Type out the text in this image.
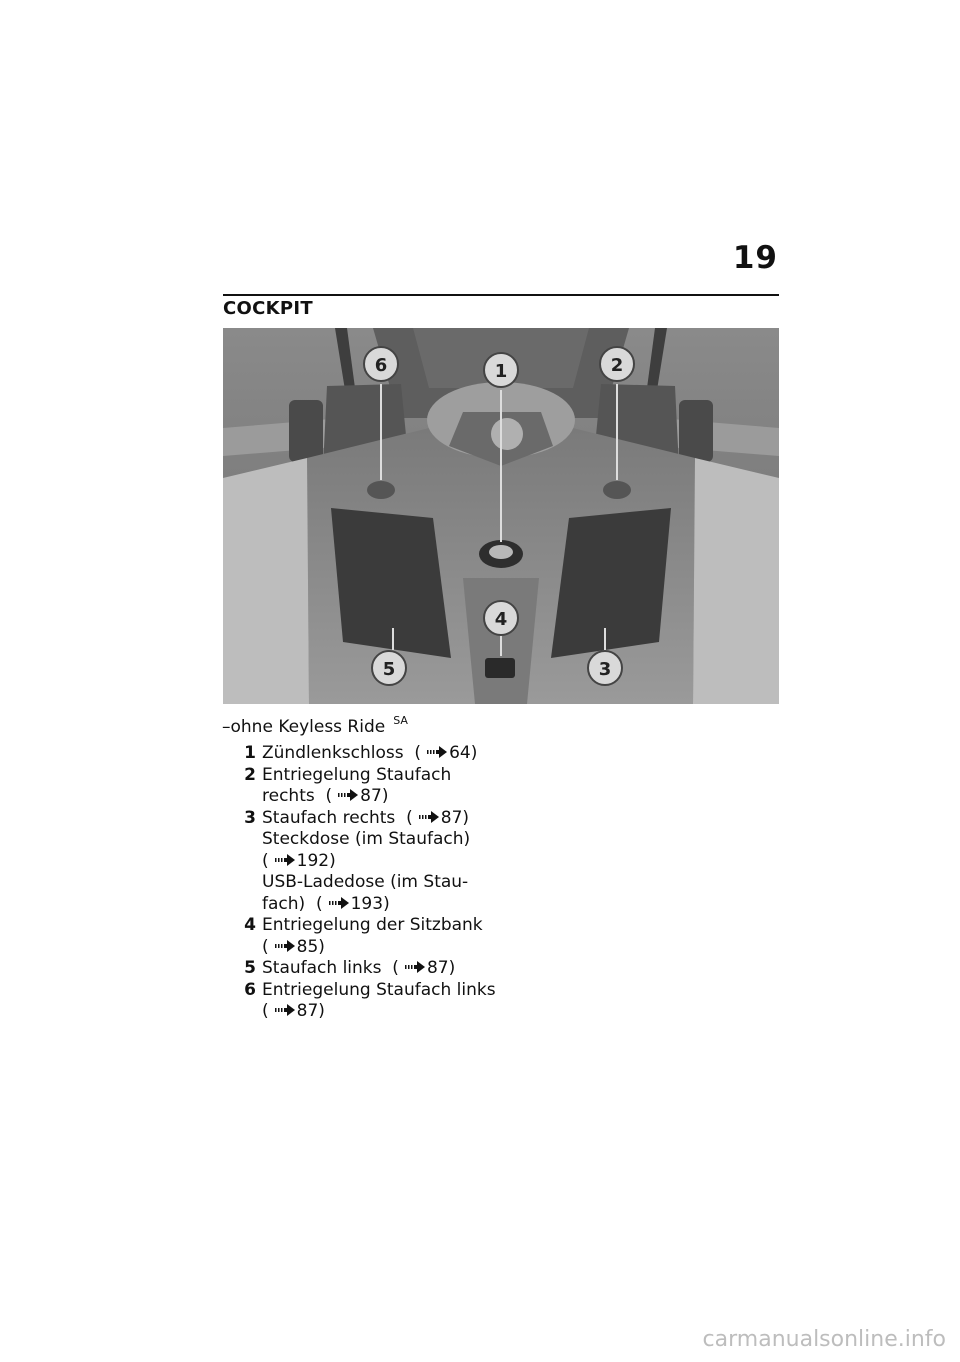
19
COCKPIT
6	1	2
4
5	3
–ohne Keyless Ride $^{SA}$
1 Zündlenkschloss  ( 64)
2 Entriegelung Staufach
rechts  ( 87)
3 Staufach rechts  ( 87)
Steckdose (im Staufach)
( 192)
USB-Ladedose (im Stau-
fach)  ( 193)
4 Entriegelung der Sitzbank
( 85)
5 Staufach links  ( 87)
6 Entriegelung Staufach links
( 87)
carmanualsonline.info
